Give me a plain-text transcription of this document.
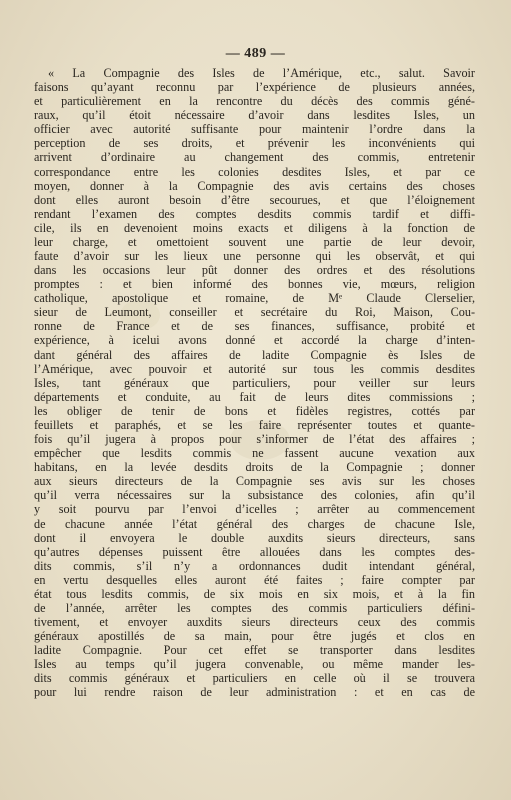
— 489 —
« La Compagnie des Isles de l’Amérique, etc., salut. Savoir
faisons qu’ayant reconnu par l’expérience de plusieurs années,
et particulièrement en la rencontre du décès des commis géné-
raux, qu’il étoit nécessaire d’avoir dans lesdites Isles, un
officier avec autorité suffisante pour maintenir l’ordre dans la
perception de ses droits, et prévenir les inconvénients qui
arrivent d’ordinaire au changement des commis, entretenir
correspondance entre les colonies desdites Isles, et par ce
moyen, donner à la Compagnie des avis certains des choses
dont elles auront besoin d’être secourues, et que l’éloignement
rendant l’examen des comptes desdits commis tardif et diffi-
cile, ils en devenoient moins exacts et diligens à la fonction de
leur charge, et omettoient souvent une partie de leur devoir,
faute d’avoir sur les lieux une personne qui les observât, et qui
dans les occasions leur pût donner des ordres et des résolutions
promptes : et bien informé des bonnes vie, mœurs, religion
catholique, apostolique et romaine, de Mᵉ Claude Clerselier,
sieur de Leumont, conseiller et secrétaire du Roi, Maison, Cou-
ronne de France et de ses finances, suffisance, probité et
expérience, à icelui avons donné et accordé la charge d’inten-
dant général des affaires de ladite Compagnie ès Isles de
l’Amérique, avec pouvoir et autorité sur tous les commis desdites
Isles, tant généraux que particuliers, pour veiller sur leurs
départements et conduite, au fait de leurs dites commissions ;
les obliger de tenir de bons et fidèles registres, cottés par
feuillets et paraphés, et se les faire représenter toutes et quante-
fois qu’il jugera à propos pour s’informer de l’état des affaires ;
empêcher que lesdits commis ne fassent aucune vexation aux
habitans, en la levée desdits droits de la Compagnie ; donner
aux sieurs directeurs de la Compagnie ses avis sur les choses
qu’il verra nécessaires sur la subsistance des colonies, afin qu’il
y soit pourvu par l’envoi d’icelles ; arrêter au commencement
de chacune année l’état général des charges de chacune Isle,
dont il envoyera le double auxdits sieurs directeurs, sans
qu’autres dépenses puissent être allouées dans les comptes des-
dits commis, s’il n’y a ordonnances dudit intendant général,
en vertu desquelles elles auront été faites ; faire compter par
état tous lesdits commis, de six mois en six mois, et à la fin
de l’année, arrêter les comptes des commis particuliers défini-
tivement, et envoyer auxdits sieurs directeurs ceux des commis
généraux apostillés de sa main, pour être jugés et clos en
ladite Compagnie. Pour cet effet se transporter dans lesdites
Isles au temps qu’il jugera convenable, ou même mander les-
dits commis généraux et particuliers en celle où il se trouvera
pour lui rendre raison de leur administration : et en cas de
